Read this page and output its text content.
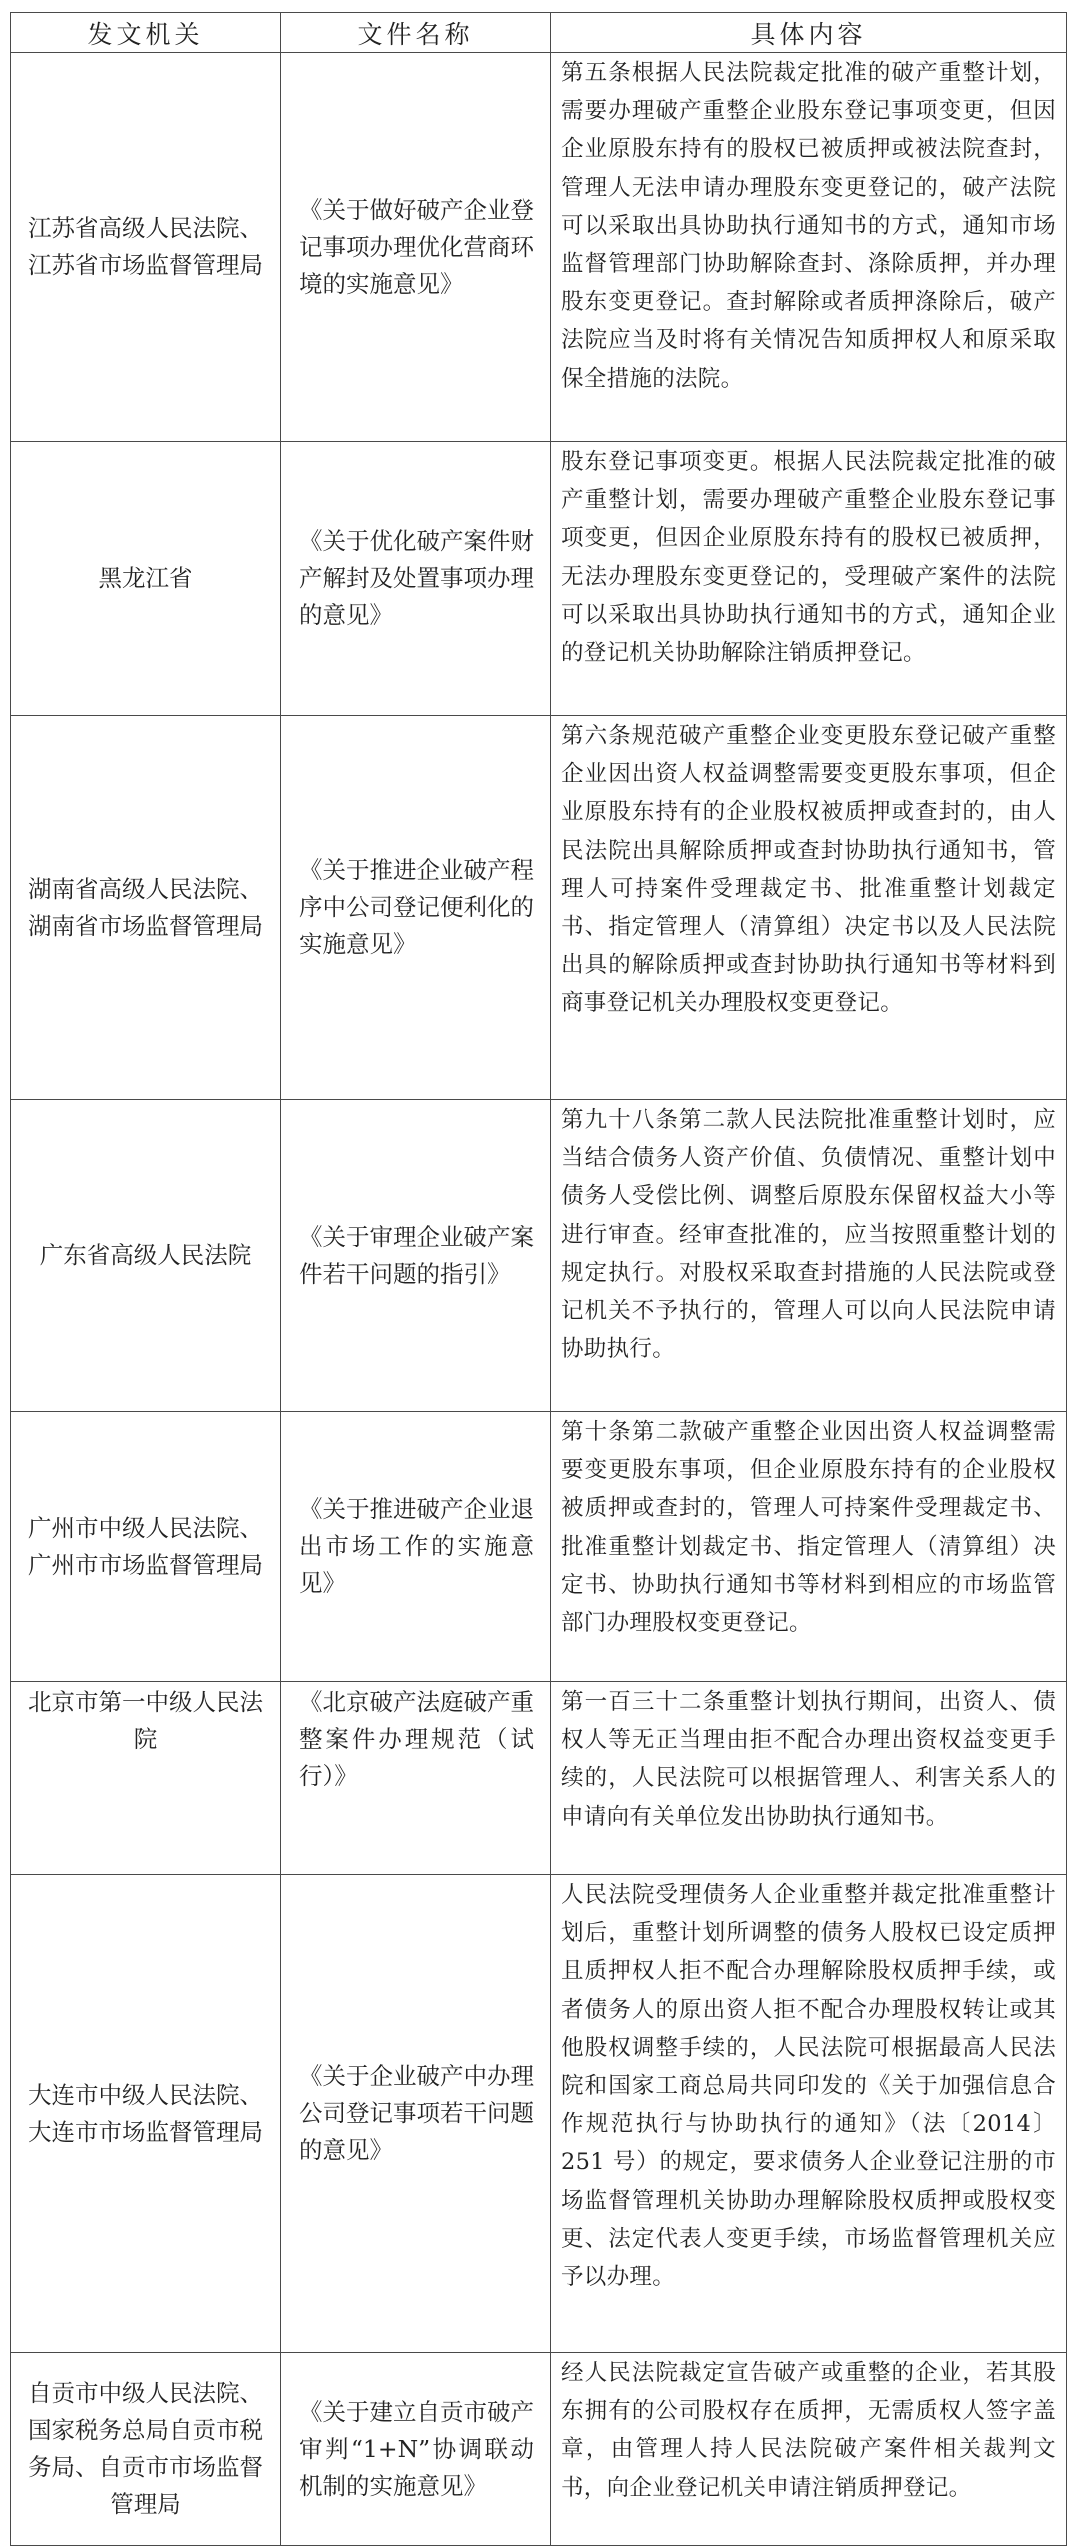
发文机关	文件名称	具体内容
江苏省高级人民法院、江苏省市场监督管理局	《关于做好破产企业登记事项办理优化营商环境的实施意见》	第五条根据人民法院裁定批准的破产重整计划，需要办理破产重整企业股东登记事项变更，但因企业原股东持有的股权已被质押或被法院查封，管理人无法申请办理股东变更登记的，破产法院可以采取出具协助执行通知书的方式，通知市场监督管理部门协助解除查封、涤除质押，并办理股东变更登记。查封解除或者质押涤除后，破产法院应当及时将有关情况告知质押权人和原采取保全措施的法院。
黑龙江省	《关于优化破产案件财产解封及处置事项办理的意见》	股东登记事项变更。根据人民法院裁定批准的破产重整计划，需要办理破产重整企业股东登记事项变更，但因企业原股东持有的股权已被质押，无法办理股东变更登记的，受理破产案件的法院可以采取出具协助执行通知书的方式，通知企业的登记机关协助解除注销质押登记。
湖南省高级人民法院、湖南省市场监督管理局	《关于推进企业破产程序中公司登记便利化的实施意见》	第六条规范破产重整企业变更股东登记破产重整企业因出资人权益调整需要变更股东事项，但企业原股东持有的企业股权被质押或查封的，由人民法院出具解除质押或查封协助执行通知书，管理人可持案件受理裁定书、批准重整计划裁定书、指定管理人（清算组）决定书以及人民法院出具的解除质押或查封协助执行通知书等材料到商事登记机关办理股权变更登记。
广东省高级人民法院	《关于审理企业破产案件若干问题的指引》	第九十八条第二款人民法院批准重整计划时，应当结合债务人资产价值、负债情况、重整计划中债务人受偿比例、调整后原股东保留权益大小等进行审查。经审查批准的，应当按照重整计划的规定执行。对股权采取查封措施的人民法院或登记机关不予执行的，管理人可以向人民法院申请协助执行。
广州市中级人民法院、广州市市场监督管理局	《关于推进破产企业退出市场工作的实施意见》	第十条第二款破产重整企业因出资人权益调整需要变更股东事项，但企业原股东持有的企业股权被质押或查封的，管理人可持案件受理裁定书、批准重整计划裁定书、指定管理人（清算组）决定书、协助执行通知书等材料到相应的市场监管部门办理股权变更登记。
北京市第一中级人民法院	《北京破产法庭破产重整案件办理规范（试行）》	第一百三十二条重整计划执行期间，出资人、债权人等无正当理由拒不配合办理出资权益变更手续的，人民法院可以根据管理人、利害关系人的申请向有关单位发出协助执行通知书。
大连市中级人民法院、大连市市场监督管理局	《关于企业破产中办理公司登记事项若干问题的意见》	人民法院受理债务人企业重整并裁定批准重整计划后，重整计划所调整的债务人股权已设定质押且质押权人拒不配合办理解除股权质押手续，或者债务人的原出资人拒不配合办理股权转让或其他股权调整手续的，人民法院可根据最高人民法院和国家工商总局共同印发的《关于加强信息合作规范执行与协助执行的通知》（法〔2014〕251 号）的规定，要求债务人企业登记注册的市场监督管理机关协助办理解除股权质押或股权变更、法定代表人变更手续，市场监督管理机关应予以办理。
自贡市中级人民法院、国家税务总局自贡市税务局、自贡市市场监督管理局	《关于建立自贡市破产审判“1+N”协调联动机制的实施意见》	经人民法院裁定宣告破产或重整的企业，若其股东拥有的公司股权存在质押，无需质权人签字盖章，由管理人持人民法院破产案件相关裁判文书，向企业登记机关申请注销质押登记。
